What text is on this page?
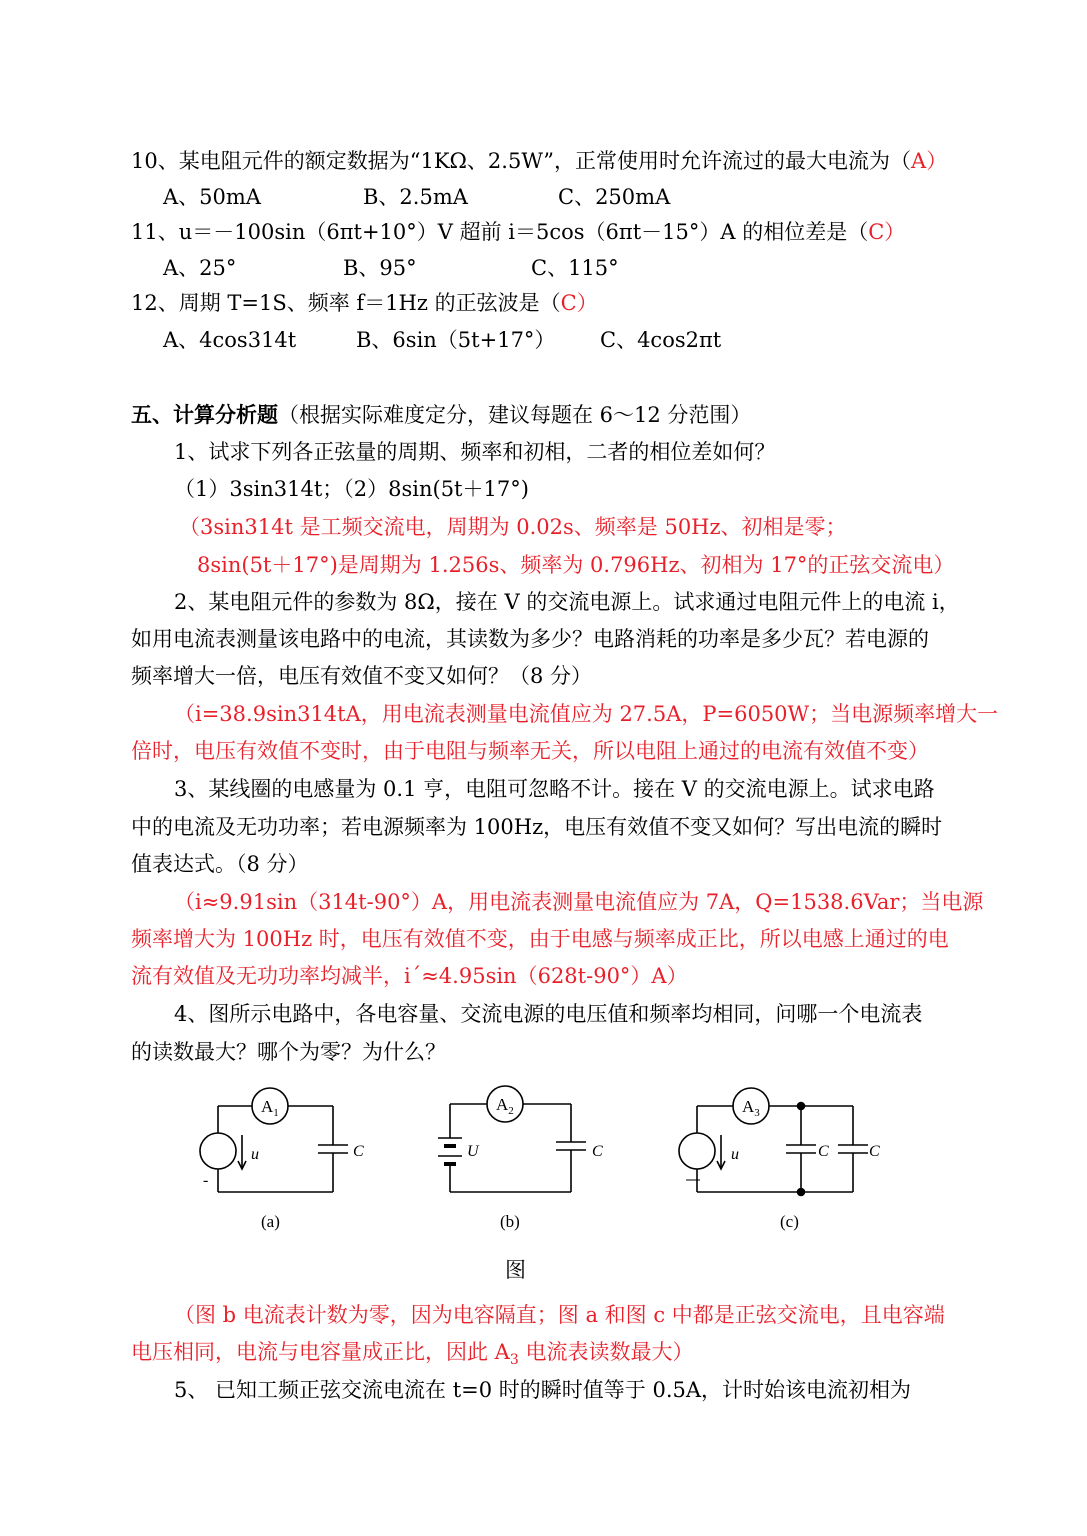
10、某电阻元件的额定数据为“1KΩ、2.5W”，正常使用时允许流过的最大电流为（A）
A、50mA	B、2.5mA	C、250mA
11、u＝－100sin（6πt+10°）V 超前 i＝5cos（6πt－15°）A 的相位差是（C）
A、25°	B、95°	C、115°
12、周期 T=1S、频率 f＝1Hz 的正弦波是（C）
A、4cos314t	B、6sin（5t+17°） C、4cos2πt
五、计算分析题（根据实际难度定分，建议每题在 6～12 分范围）
1、试求下列各正弦量的周期、频率和初相，二者的相位差如何？
（1）3sin314t；（2）8sin(5t＋17°)
（3sin314t 是工频交流电，周期为 0.02s、频率是 50Hz、初相是零；
8sin(5t＋17°)是周期为 1.256s、频率为 0.796Hz、初相为 17°的正弦交流电）
2、某电阻元件的参数为 8Ω，接在 V 的交流电源上。试求通过电阻元件上的电流 i，
如用电流表测量该电路中的电流，其读数为多少？电路消耗的功率是多少瓦？若电源的
频率增大一倍，电压有效值不变又如何？（8 分）
（i=38.9sin314tA，用电流表测量电流值应为 27.5A，P=6050W；当电源频率增大一
倍时，电压有效值不变时，由于电阻与频率无关，所以电阻上通过的电流有效值不变）
3、某线圈的电感量为 0.1 亨，电阻可忽略不计。接在 V 的交流电源上。试求电路
中的电流及无功功率；若电源频率为 100Hz，电压有效值不变又如何？写出电流的瞬时
值表达式。（8 分）
（i≈9.91sin（314t-90°）A，用电流表测量电流值应为 7A，Q=1538.6Var；当电源
频率增大为 100Hz 时，电压有效值不变，由于电感与频率成正比，所以电感上通过的电
流有效值及无功功率均减半，i´≈4.95sin（628t-90°）A）
4、图所示电路中，各电容量、交流电源的电压值和频率均相同，问哪一个电流表
的读数最大？哪个为零？为什么？
$A_1$
u	C
-
$A_2$
U	C
$A_3$
u	C	C
(a)	(b)	(c)
图
（图 b 电流表计数为零，因为电容隔直；图 a 和图 c 中都是正弦交流电，且电容端
电压相同，电流与电容量成正比，因此 $A_3$ 电流表读数最大）
5、 已知工频正弦交流电流在 t=0 时的瞬时值等于 0.5A，计时始该电流初相为
